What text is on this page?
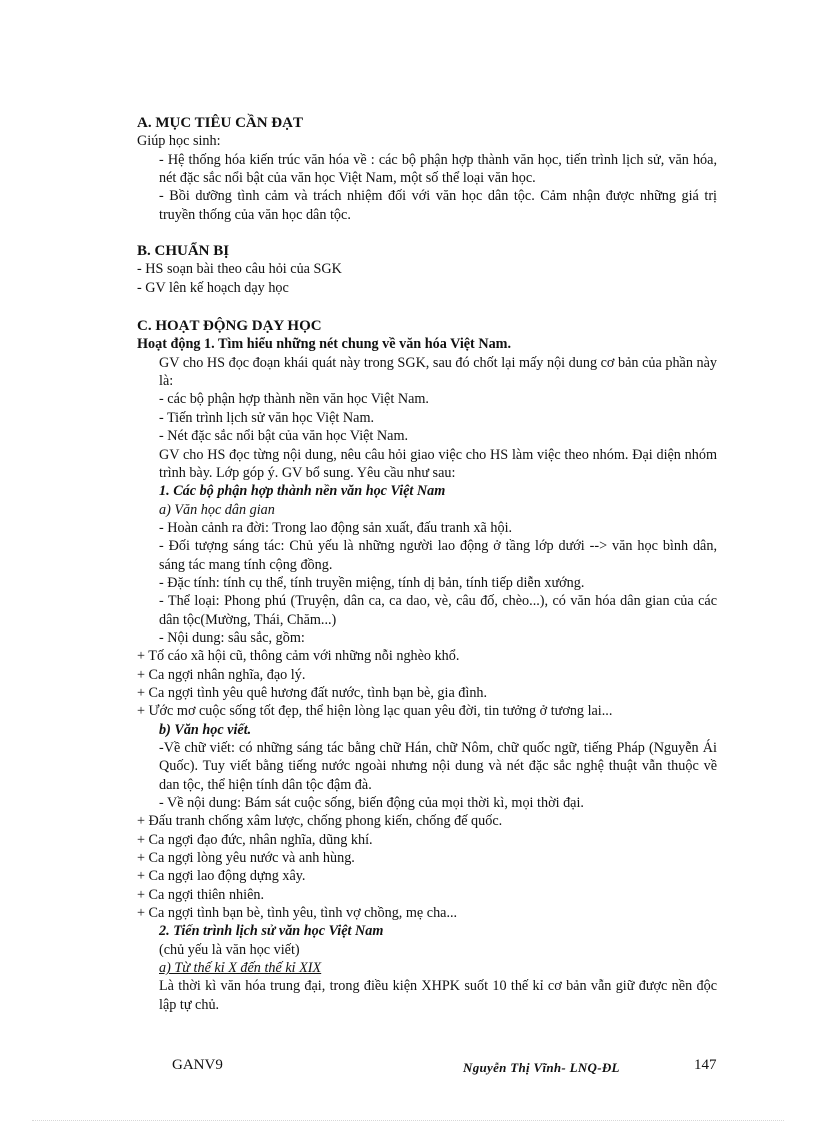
A. MỤC TIÊU CẦN ĐẠT

Giúp học sinh:

- Hệ thống hóa kiến trúc văn hóa về : các bộ phận hợp thành văn học, tiến trình lịch sử, văn hóa, nét đặc sắc nổi bật của văn học Việt Nam, một số thể loại văn học.

- Bồi dưỡng tình cảm và trách nhiệm đối với văn học dân tộc. Cảm nhận được những giá trị truyền thống của văn học dân tộc.

B. CHUẨN BỊ

- HS soạn bài theo câu hỏi của SGK

- GV lên kế hoạch dạy học

C. HOẠT ĐỘNG DẠY HỌC

Hoạt động 1. Tìm hiểu những nét chung về văn hóa Việt Nam.

GV cho HS đọc đoạn khái quát này trong SGK, sau đó chốt lại mấy nội dung cơ bản của phần này là:

- các bộ phận hợp thành nền văn học Việt Nam.

- Tiến trình lịch sử văn học Việt Nam.

- Nét đặc sắc nổi bật của văn học Việt Nam.

GV cho HS đọc từng nội dung, nêu câu hỏi giao việc cho HS làm việc theo nhóm. Đại diện nhóm trình bày. Lớp góp ý. GV bổ sung. Yêu cầu như sau:

1. Các bộ phận hợp thành nền văn học Việt Nam

a) Văn học dân gian

- Hoàn cảnh ra đời: Trong lao động sản xuất, đấu tranh xã hội.

- Đối tượng sáng tác: Chủ yếu là những người lao động ở tầng lớp dưới --> văn học bình dân, sáng tác mang tính cộng đồng.

- Đặc tính: tính cụ thể, tính truyền miệng, tính dị bản, tính tiếp diễn xướng.

- Thể loại: Phong phú (Truyện, dân ca, ca dao, vè, câu đố, chèo...), có văn hóa dân gian của các dân tộc(Mường, Thái, Chăm...)

- Nội dung: sâu sắc, gồm:

+ Tố cáo xã hội cũ, thông cảm với những nỗi nghèo khổ.

+ Ca ngợi nhân nghĩa, đạo lý.

+ Ca ngợi tình yêu quê hương đất nước, tình bạn bè, gia đình.

+ Ước mơ cuộc sống tốt đẹp, thể hiện lòng lạc quan yêu đời, tin tưởng ở tương lai...

b) Văn học viết.

-Về chữ viết: có những sáng tác bằng chữ Hán, chữ Nôm, chữ quốc ngữ, tiếng Pháp (Nguyễn Ái Quốc). Tuy viết bằng tiếng nước ngoài nhưng nội dung và nét đặc sắc nghệ thuật vẫn thuộc về dan tộc, thể hiện tính dân tộc đậm đà.

- Về nội dung: Bám sát cuộc sống, biến động của mọi thời kì, mọi thời đại.

+ Đấu tranh chống xâm lược, chống phong kiến, chống đế quốc.

+ Ca ngợi đạo đức, nhân nghĩa, dũng khí.

+ Ca ngợi lòng yêu nước và anh hùng.

+ Ca ngợi lao động dựng xây.

+ Ca ngợi thiên nhiên.

+ Ca ngợi tình bạn bè, tình yêu, tình vợ chồng, mẹ cha...

2. Tiến trình lịch sử văn học Việt Nam

(chủ yếu là văn học viết)

a) Từ thế kỉ X đến thế kỉ XIX

Là thời kì văn hóa trung đại, trong điều kiện XHPK suốt 10 thế kỉ cơ bản vẫn giữ được nền độc lập tự chủ.

GANV9	Nguyễn Thị Vĩnh- LNQ-ĐL	147
